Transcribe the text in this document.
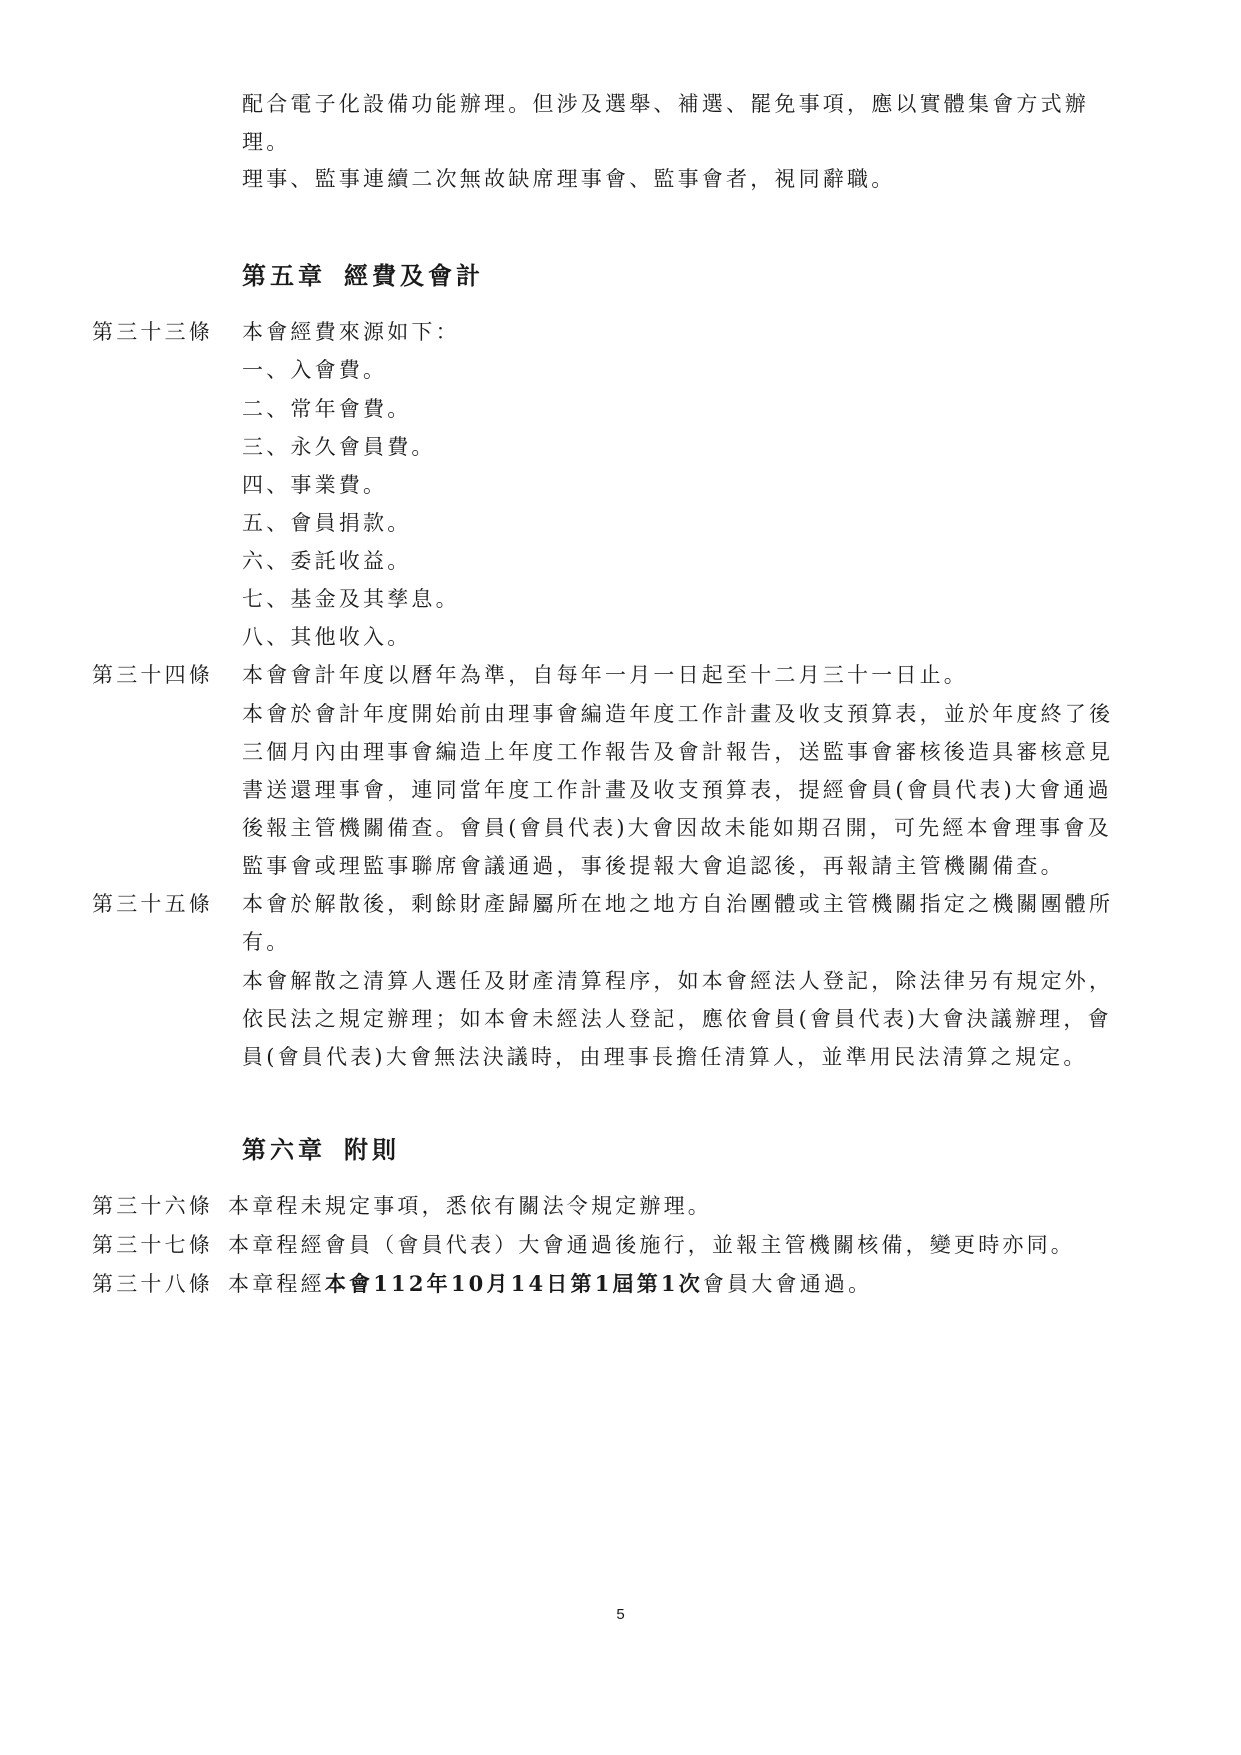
配合電子化設備功能辦理。但涉及選舉、補選、罷免事項，應以實體集會方式辦
理。
理事、監事連續二次無故缺席理事會、監事會者，視同辭職。
第五章 經費及會計
第三十三條 本會經費來源如下：
一、入會費。
二、常年會費。
三、永久會員費。
四、事業費。
五、會員捐款。
六、委託收益。
七、基金及其孳息。
八、其他收入。
第三十四條 本會會計年度以曆年為準，自每年一月一日起至十二月三十一日止。
本會於會計年度開始前由理事會編造年度工作計畫及收支預算表，並於年度終了後
三個月內由理事會編造上年度工作報告及會計報告，送監事會審核後造具審核意見
書送還理事會，連同當年度工作計畫及收支預算表，提經會員(會員代表)大會通過
後報主管機關備查。會員(會員代表)大會因故未能如期召開，可先經本會理事會及
監事會或理監事聯席會議通過，事後提報大會追認後，再報請主管機關備查。
第三十五條 本會於解散後，剩餘財產歸屬所在地之地方自治團體或主管機關指定之機關團體所
有。
本會解散之清算人選任及財產清算程序，如本會經法人登記，除法律另有規定外，
依民法之規定辦理；如本會未經法人登記，應依會員(會員代表)大會決議辦理，會
員(會員代表)大會無法決議時，由理事長擔任清算人，並準用民法清算之規定。
第六章 附則
第三十六條 本章程未規定事項，悉依有關法令規定辦理。
第三十七條 本章程經會員（會員代表）大會通過後施行，並報主管機關核備，變更時亦同。
第三十八條 本章程經本會112年10月14日第1屆第1次會員大會通過。
5
